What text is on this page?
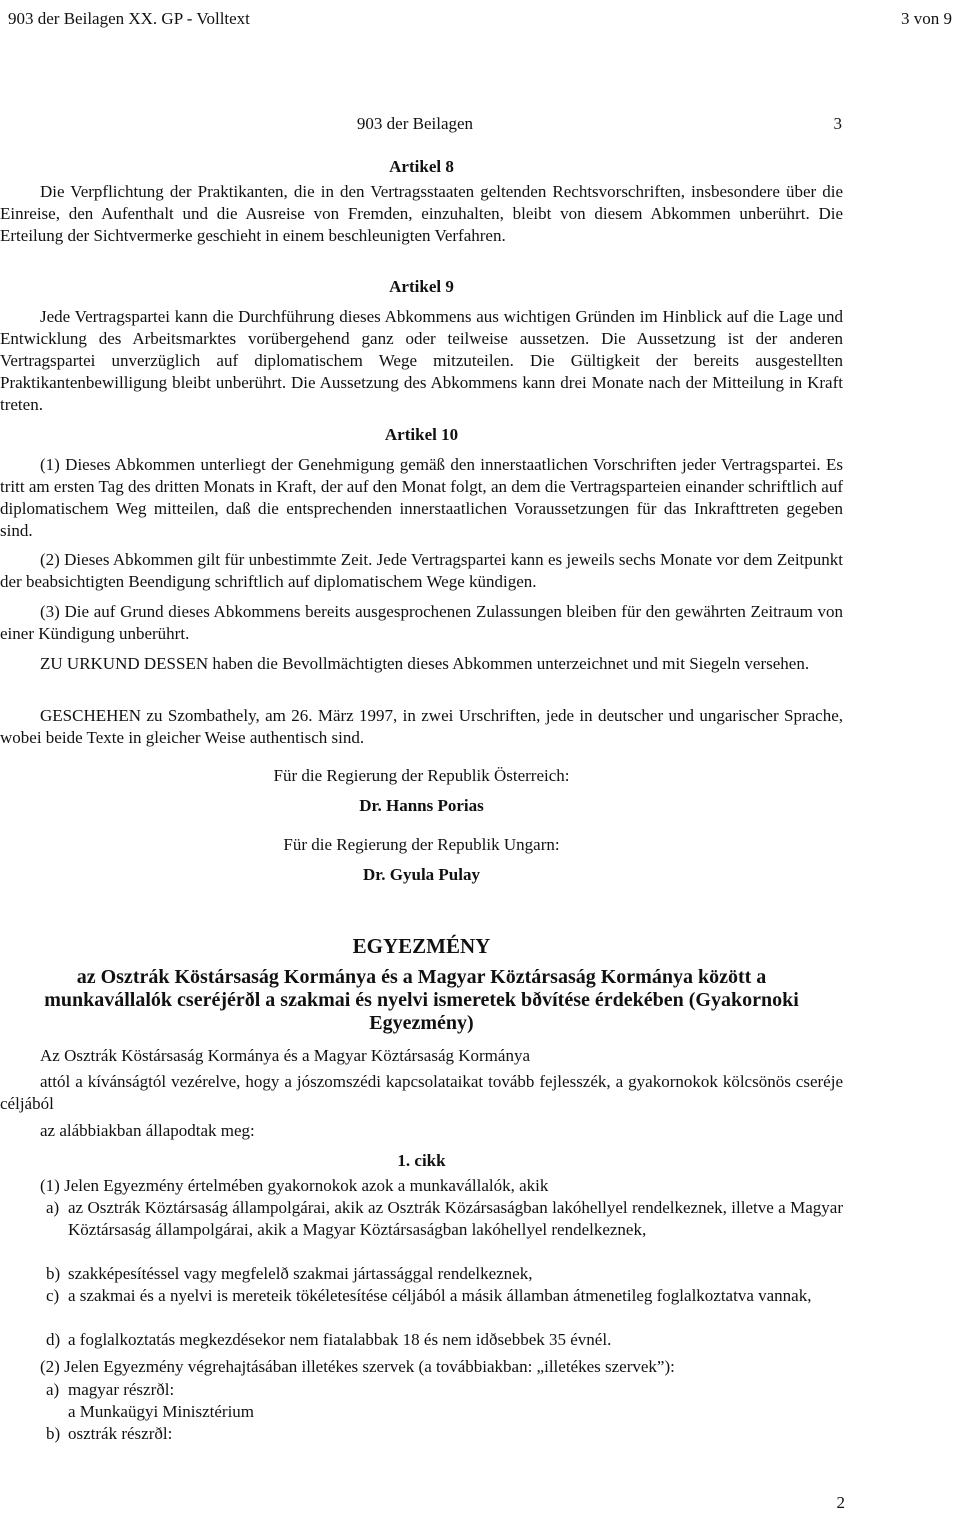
903 der Beilagen XX. GP - Volltext	3 von 9
903 der Beilagen	3
Artikel 8

Die Verpflichtung der Praktikanten, die in den Vertragsstaaten geltenden Rechtsvorschriften, insbesondere über die Einreise, den Aufenthalt und die Ausreise von Fremden, einzuhalten, bleibt von diesem Abkommen unberührt. Die Erteilung der Sichtvermerke geschieht in einem beschleunigten Verfahren.

Artikel 9

Jede Vertragspartei kann die Durchführung dieses Abkommens aus wichtigen Gründen im Hinblick auf die Lage und Entwicklung des Arbeitsmarktes vorübergehend ganz oder teilweise aussetzen. Die Aussetzung ist der anderen Vertragspartei unverzüglich auf diplomatischem Wege mitzuteilen. Die Gültigkeit der bereits ausgestellten Praktikantenbewilligung bleibt unberührt. Die Aussetzung des Abkommens kann drei Monate nach der Mitteilung in Kraft treten.

Artikel 10

(1) Dieses Abkommen unterliegt der Genehmigung gemäß den innerstaatlichen Vorschriften jeder Vertragspartei. Es tritt am ersten Tag des dritten Monats in Kraft, der auf den Monat folgt, an dem die Vertragsparteien einander schriftlich auf diplomatischem Weg mitteilen, daß die entsprechenden innerstaatlichen Voraussetzungen für das Inkrafttreten gegeben sind.

(2) Dieses Abkommen gilt für unbestimmte Zeit. Jede Vertragspartei kann es jeweils sechs Monate vor dem Zeitpunkt der beabsichtigten Beendigung schriftlich auf diplomatischem Wege kündigen.

(3) Die auf Grund dieses Abkommens bereits ausgesprochenen Zulassungen bleiben für den gewährten Zeitraum von einer Kündigung unberührt.

ZU URKUND DESSEN haben die Bevollmächtigten dieses Abkommen unterzeichnet und mit Siegeln versehen.

GESCHEHEN zu Szombathely, am 26. März 1997, in zwei Urschriften, jede in deutscher und ungarischer Sprache, wobei beide Texte in gleicher Weise authentisch sind.

Für die Regierung der Republik Österreich:
Dr. Hanns Porias
Für die Regierung der Republik Ungarn:
Dr. Gyula Pulay
EGYEZMÉNY
az Osztrák Köstársaság Kormánya és a Magyar Köztársaság Kormánya között a
munkavállalók cseréjérðl a szakmai és nyelvi ismeretek bðvítése érdekében (Gyakornoki
Egyezmény)
Az Osztrák Köstársaság Kormánya és a Magyar Köztársaság Kormánya

attól a kívánságtól vezérelve, hogy a jószomszédi kapcsolataikat tovább fejlesszék, a gyakornokok kölcsönös cseréje céljából

az alábbiakban állapodtak meg:
1. cikk
(1) Jelen Egyezmény értelmében gyakornokok azok a munkavállalók, akik
a) az Osztrák Köztársaság állampolgárai, akik az Osztrák Közársaságban lakóhellyel rendelkeznek, illetve a Magyar Köztársaság állampolgárai, akik a Magyar Köztársaságban lakóhellyel rendelkeznek,
b) szakképesítéssel vagy megfelelð szakmai jártassággal rendelkeznek,
c) a szakmai és a nyelvi is mereteik tökéletesítése céljából a másik államban átmenetileg foglalkoztatva vannak,
d) a foglalkoztatás megkezdésekor nem fiatalabbak 18 és nem idðsebbek 35 évnél.
(2) Jelen Egyezmény végrehajtásában illetékes szervek (a továbbiakban: „illetékes szervek”):
a) magyar részrðl:
a Munkaügyi Minisztérium
b) osztrák részrðl:
2
